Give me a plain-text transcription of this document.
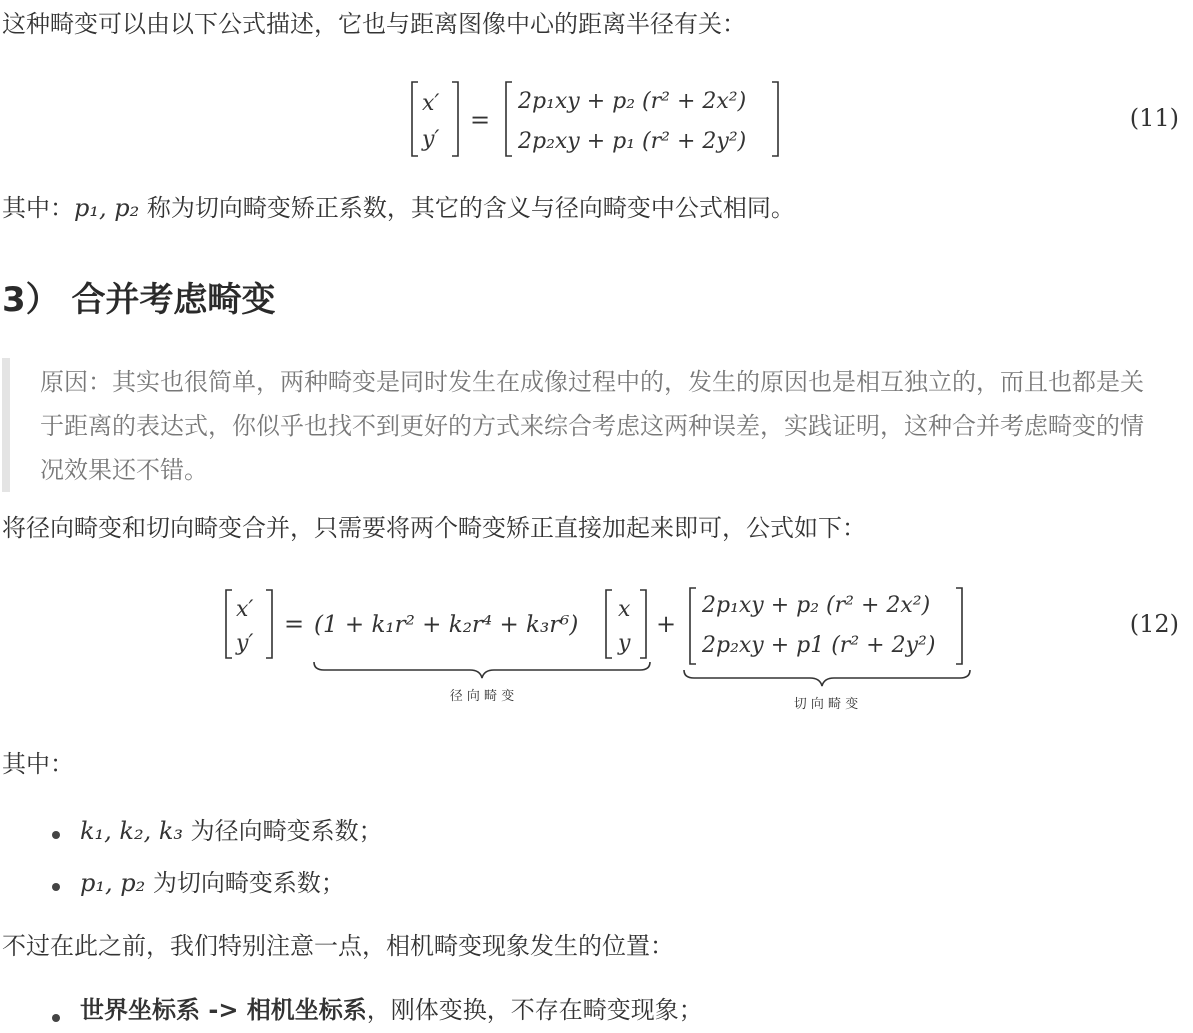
这种畸变可以由以下公式描述，它也与距离图像中心的距离半径有关：
x′
y′
=
2p₁xy + p₂ (r² + 2x²)
2p₂xy + p₁ (r² + 2y²)
(11)
其中：p₁, p₂ 称为切向畸变矫正系数，其它的含义与径向畸变中公式相同。
3） 合并考虑畸变
原因：其实也很简单，两种畸变是同时发生在成像过程中的，发生的原因也是相互独立的，而且也都是关于距离的表达式，你似乎也找不到更好的方式来综合考虑这两种误差，实践证明，这种合并考虑畸变的情况效果还不错。
将径向畸变和切向畸变合并，只需要将两个畸变矫正直接加起来即可，公式如下：
x′
y′
= (1 + k₁r² + k₂r⁴ + k₃r⁶)
x
y
+
2p₁xy + p₂ (r² + 2x²)
2p₂xy + p1 (r² + 2y²)
径 向 畸 变
切 向 畸 变
(12)
其中：
k₁, k₂, k₃ 为径向畸变系数；
p₁, p₂ 为切向畸变系数；
不过在此之前，我们特别注意一点，相机畸变现象发生的位置：
世界坐标系 -> 相机坐标系，刚体变换，不存在畸变现象；
